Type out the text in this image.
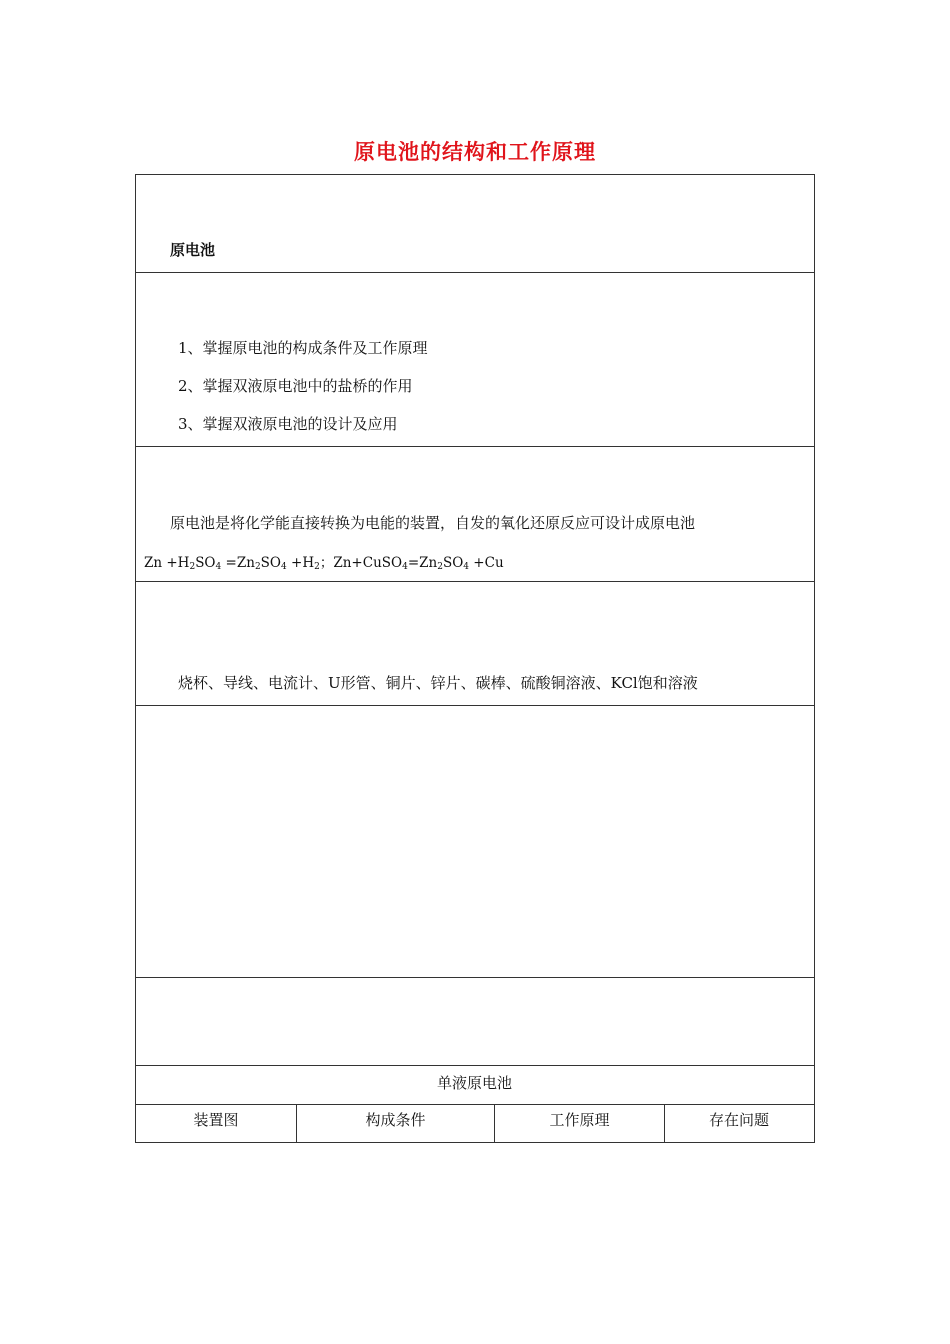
原电池的结构和工作原理
原电池
1、掌握原电池的构成条件及工作原理
2、掌握双液原电池中的盐桥的作用
3、掌握双液原电池的设计及应用
原电池是将化学能直接转换为电能的装置，自发的氧化还原反应可设计成原电池
$Zn +H_2SO_4 =Zn_2SO_4 +H_2$；$Zn+CuSO_4=Zn_2SO_4 +Cu$
烧杯、导线、电流计、U形管、铜片、锌片、碳棒、硫酸铜溶液、KCl饱和溶液
单液原电池
装置图	构成条件	工作原理	存在问题
